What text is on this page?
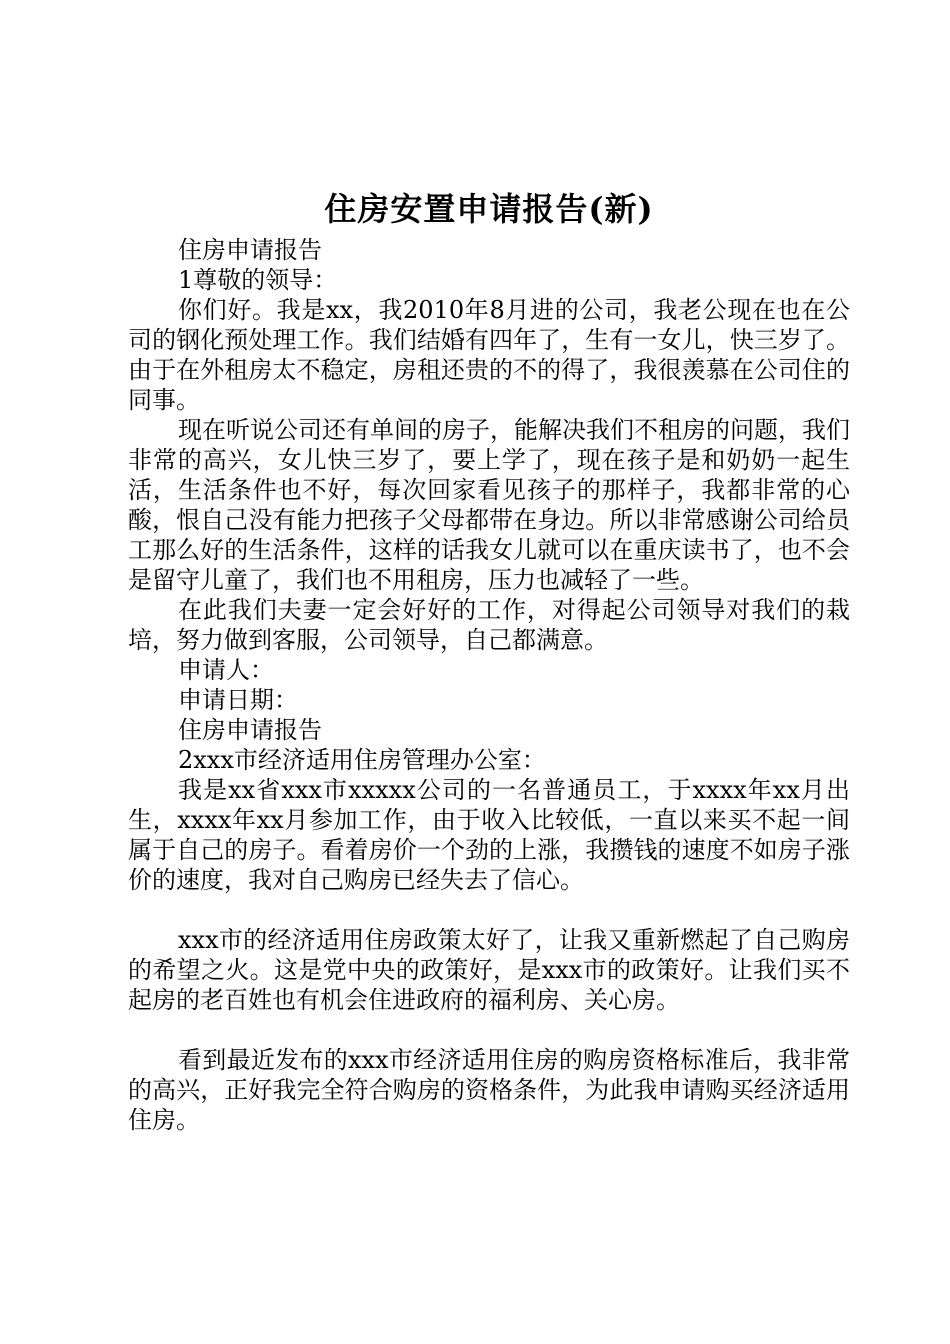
住房安置申请报告(新)

住房申请报告

1尊敬的领导：

你们好。我是xx，我2010年8月进的公司，我老公现在也在公司的钢化预处理工作。我们结婚有四年了，生有一女儿，快三岁了。由于在外租房太不稳定，房租还贵的不的得了，我很羡慕在公司住的同事。

现在听说公司还有单间的房子，能解决我们不租房的问题，我们非常的高兴，女儿快三岁了，要上学了，现在孩子是和奶奶一起生活，生活条件也不好，每次回家看见孩子的那样子，我都非常的心酸，恨自己没有能力把孩子父母都带在身边。所以非常感谢公司给员工那么好的生活条件，这样的话我女儿就可以在重庆读书了，也不会是留守儿童了，我们也不用租房，压力也减轻了一些。

在此我们夫妻一定会好好的工作，对得起公司领导对我们的栽培，努力做到客服，公司领导，自己都满意。

申请人：

申请日期：

住房申请报告

2xxx市经济适用住房管理办公室：

我是xx省xxx市xxxxx公司的一名普通员工，于xxxx年xx月出生，xxxx年xx月参加工作，由于收入比较低，一直以来买不起一间属于自己的房子。看着房价一个劲的上涨，我攒钱的速度不如房子涨价的速度，我对自己购房已经失去了信心。

xxx市的经济适用住房政策太好了，让我又重新燃起了自己购房的希望之火。这是党中央的政策好，是xxx市的政策好。让我们买不起房的老百姓也有机会住进政府的福利房、关心房。

看到最近发布的xxx市经济适用住房的购房资格标准后，我非常的高兴，正好我完全符合购房的资格条件，为此我申请购买经济适用住房。
